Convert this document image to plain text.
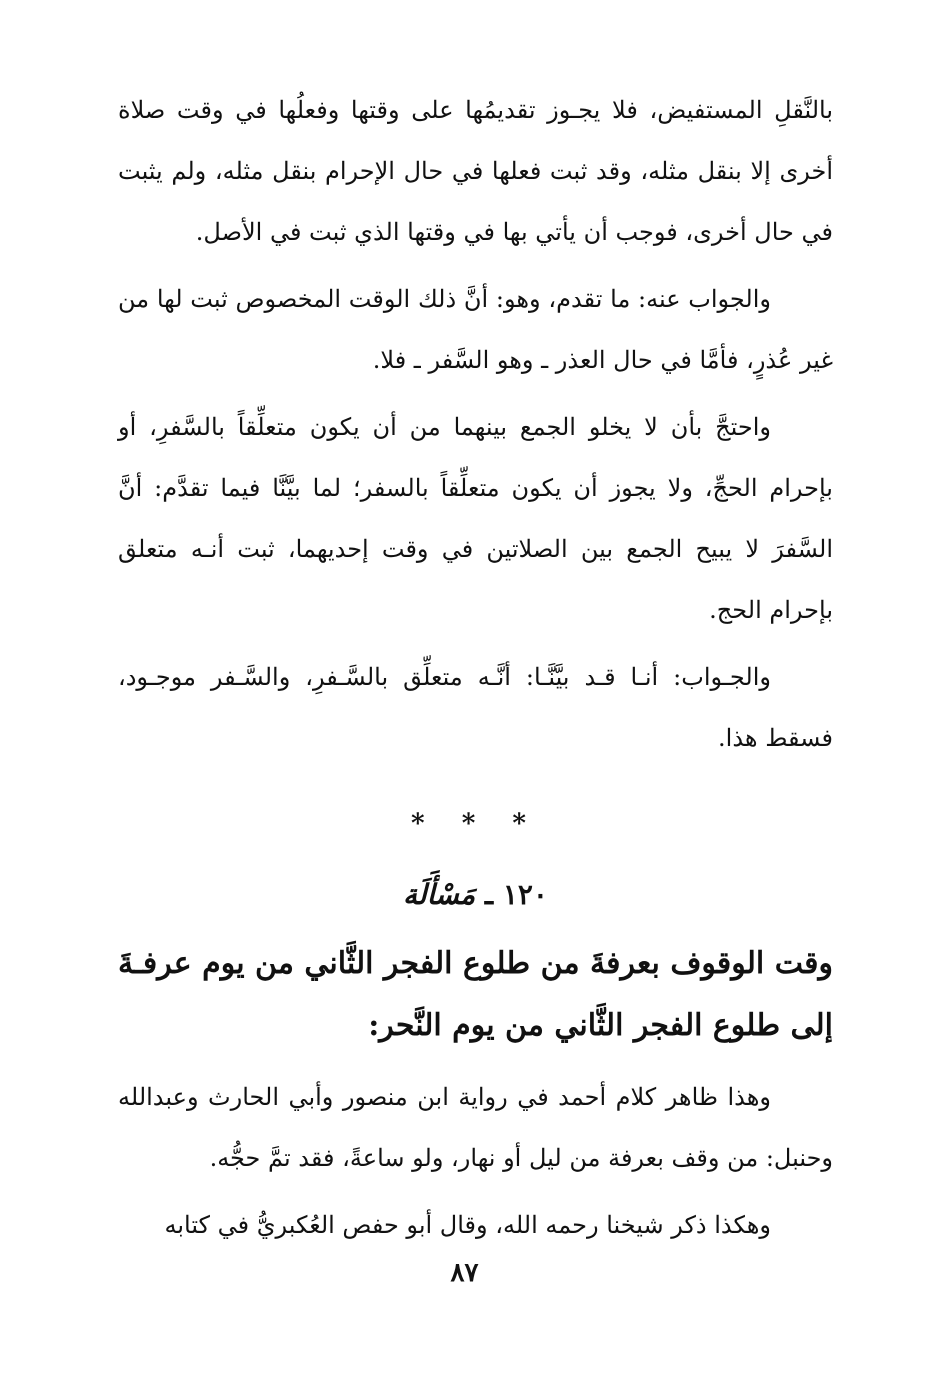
بالنَّقلِ المستفيض، فلا يجـوز تقديمُها على وقتها وفعلُها في وقت صلاة أخرى إلا بنقل مثله، وقد ثبت فعلها في حال الإحرام بنقل مثله، ولم يثبت في حال أخرى، فوجب أن يأتي بها في وقتها الذي ثبت في الأصل.

والجواب عنه: ما تقدم، وهو: أنَّ ذلك الوقت المخصوص ثبت لها من غير عُذرٍ، فأمَّا في حال العذر ـ وهو السَّفر ـ فلا.

واحتجَّ بأن لا يخلو الجمع بينهما من أن يكون متعلِّقاً بالسَّفرِ، أو بإحرام الحجِّ، ولا يجوز أن يكون متعلِّقاً بالسفر؛ لما بيَّنَّا فيما تقدَّم: أنَّ السَّفرَ لا يبيح الجمع بين الصلاتين في وقت إحديهما، ثبت أنـه متعلق بإحرام الحج.

والجـواب: أنـا قـد بيَّنَّـا: أنَّـه متعلِّق بالسَّـفرِ، والسَّـفر موجـود، فسقط هذا.

* * *
١٢٠ ـ مَسْأَلَة

وقت الوقوف بعرفةَ من طلوع الفجر الثَّاني من يوم عرفـةَ إلى طلوع الفجر الثَّاني من يوم النَّحر:

وهذا ظاهر كلام أحمد في رواية ابن منصور وأبي الحارث وعبدالله وحنبل: من وقف بعرفة من ليل أو نهار، ولو ساعةً، فقد تمَّ حجُّه.

وهكذا ذكر شيخنا رحمه الله، وقال أبو حفص العُكبريُّ في كتابه

٨٧
